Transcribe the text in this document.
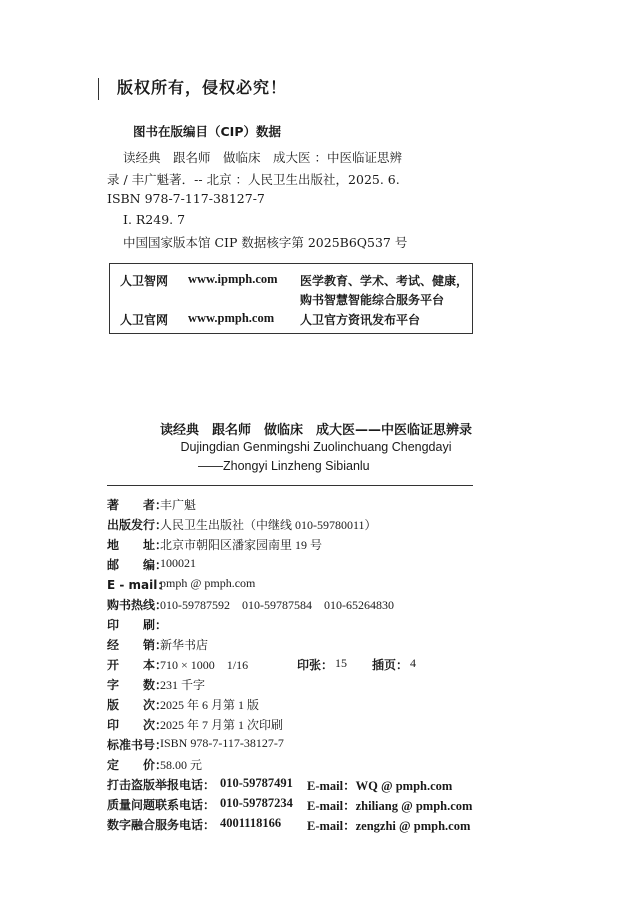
版权所有，侵权必究！
图书在版编目（CIP）数据
读经典　跟名师　做临床　成大医 ：中医临证思辨
录 / 丰广魁著．-- 北京 ：人民卫生出版社，2025. 6.
ISBN 978-7-117-38127-7
Ⅰ. R249. 7
中国国家版本馆 CIP 数据核字第 2025B6Q537 号
人卫智网 www.ipmph.com 医学教育、学术、考试、健康，
购书智慧智能综合服务平台
人卫官网 www.pmph.com 人卫官方资讯发布平台
读经典　跟名师　做临床　成大医——中医临证思辨录
Dujingdian Genmingshi Zuolinchuang Chengdayi
——Zhongyi Linzheng Sibianlu
著　　者：
丰广魁
出版发行：
人民卫生出版社（中继线 010-59780011）
地　　址：
北京市朝阳区潘家园南里 19 号
邮　　编：
100021
E - mail：
pmph @ pmph.com
购书热线：
010-59787592　010-59787584　010-65264830
印　　刷：
经　　销：
新华书店
开　　本：
710 × 1000　1/16	印张： 15 插页： 4
字　　数：
231 千字
版　　次：
2025 年 6 月第 1 版
印　　次：
2025 年 7 月第 1 次印刷
标准书号：
ISBN 978-7-117-38127-7
定　　价：
58.00 元
打击盗版举报电话： 010-59787491 E-mail：WQ @ pmph.com
质量问题联系电话： 010-59787234 E-mail：zhiliang @ pmph.com
数字融合服务电话： 4001118166 E-mail：zengzhi @ pmph.com
